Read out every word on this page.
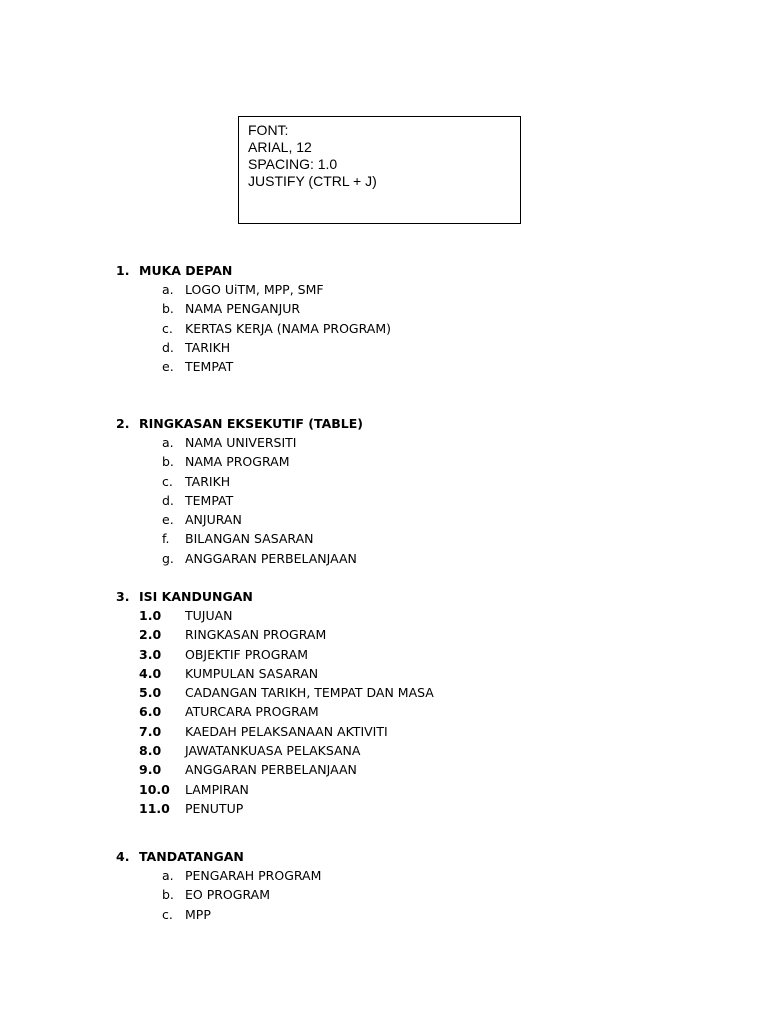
FONT:
ARIAL, 12
SPACING: 1.0
JUSTIFY (CTRL + J)
1. MUKA DEPAN
a. LOGO UiTM, MPP, SMF
b. NAMA PENGANJUR
c. KERTAS KERJA (NAMA PROGRAM)
d. TARIKH
e. TEMPAT
2. RINGKASAN EKSEKUTIF (TABLE)
a. NAMA UNIVERSITI
b. NAMA PROGRAM
c. TARIKH
d. TEMPAT
e. ANJURAN
f. BILANGAN SASARAN
g. ANGGARAN PERBELANJAAN
3. ISI KANDUNGAN
1.0 TUJUAN
2.0 RINGKASAN PROGRAM
3.0 OBJEKTIF PROGRAM
4.0 KUMPULAN SASARAN
5.0 CADANGAN TARIKH, TEMPAT DAN MASA
6.0 ATURCARA PROGRAM
7.0 KAEDAH PELAKSANAAN AKTIVITI
8.0 JAWATANKUASA PELAKSANA
9.0 ANGGARAN PERBELANJAAN
10.0 LAMPIRAN
11.0 PENUTUP
4. TANDATANGAN
a. PENGARAH PROGRAM
b. EO PROGRAM
c. MPP
